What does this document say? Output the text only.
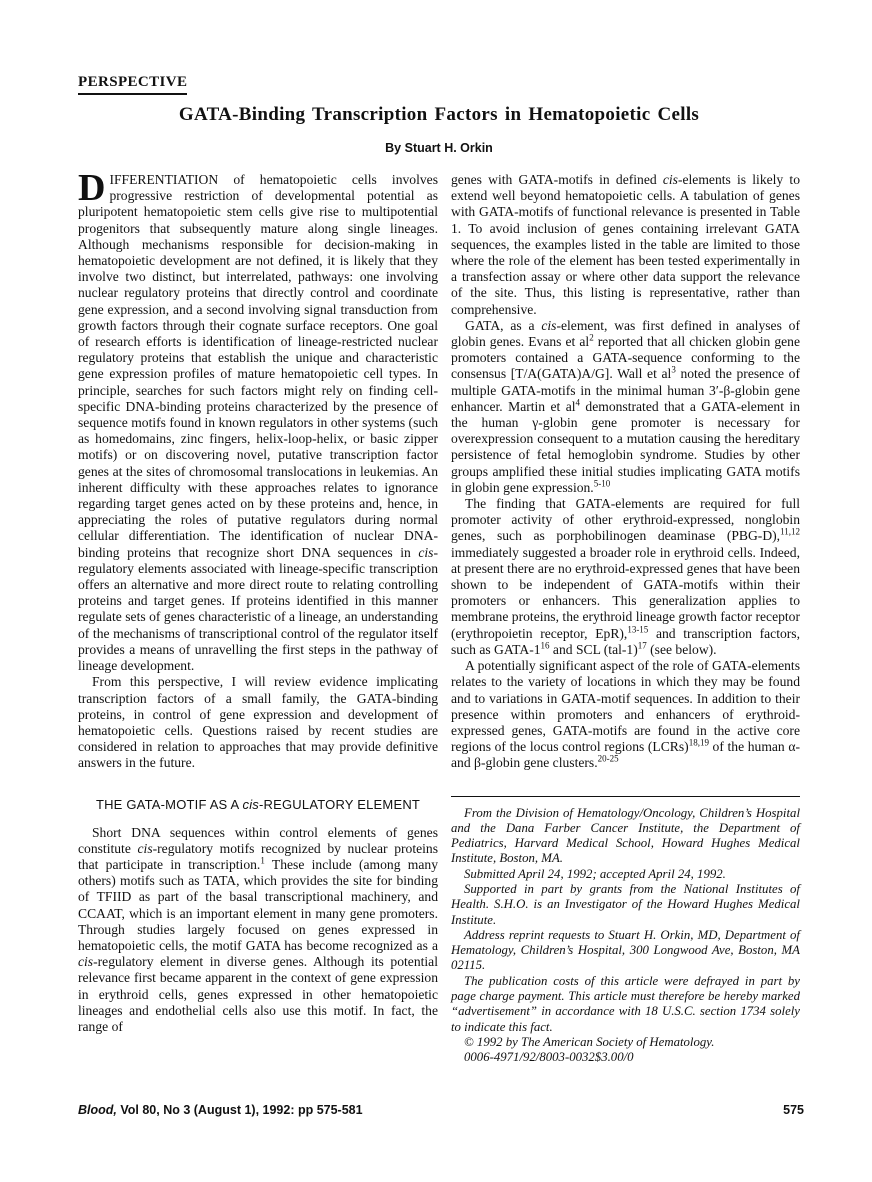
PERSPECTIVE
GATA-Binding Transcription Factors in Hematopoietic Cells
By Stuart H. Orkin

DIFFERENTIATION of hematopoietic cells involves progressive restriction of developmental potential as pluripotent hematopoietic stem cells give rise to multipotential progenitors that subsequently mature along single lineages. Although mechanisms responsible for decision-making in hematopoietic development are not defined, it is likely that they involve two distinct, but interrelated, pathways: one involving nuclear regulatory proteins that directly control and coordinate gene expression, and a second involving signal transduction from growth factors through their cognate surface receptors. One goal of research efforts is identification of lineage-restricted nuclear regulatory proteins that establish the unique and characteristic gene expression profiles of mature hematopoietic cell types. In principle, searches for such factors might rely on finding cell-specific DNA-binding proteins characterized by the presence of sequence motifs found in known regulators in other systems (such as homedomains, zinc fingers, helix-loop-helix, or basic zipper motifs) or on discovering novel, putative transcription factor genes at the sites of chromosomal translocations in leukemias. An inherent difficulty with these approaches relates to ignorance regarding target genes acted on by these proteins and, hence, in appreciating the roles of putative regulators during normal cellular differentiation. The identification of nuclear DNA-binding proteins that recognize short DNA sequences in cis-regulatory elements associated with lineage-specific transcription offers an alternative and more direct route to relating controlling proteins and target genes. If proteins identified in this manner regulate sets of genes characteristic of a lineage, an understanding of the mechanisms of transcriptional control of the regulator itself provides a means of unravelling the first steps in the pathway of lineage development.

From this perspective, I will review evidence implicating transcription factors of a small family, the GATA-binding proteins, in control of gene expression and development of hematopoietic cells. Questions raised by recent studies are considered in relation to approaches that may provide definitive answers in the future.

THE GATA-MOTIF AS A cis-REGULATORY ELEMENT

Short DNA sequences within control elements of genes constitute cis-regulatory motifs recognized by nuclear proteins that participate in transcription.$^1$ These include (among many others) motifs such as TATA, which provides the site for binding of TFIID as part of the basal transcriptional machinery, and CCAAT, which is an important element in many gene promoters. Through studies largely focused on genes expressed in hematopoietic cells, the motif GATA has become recognized as a cis-regulatory element in diverse genes. Although its potential relevance first became apparent in the context of gene expression in erythroid cells, genes expressed in other hematopoietic lineages and endothelial cells also use this motif. In fact, the range of

genes with GATA-motifs in defined cis-elements is likely to extend well beyond hematopoietic cells. A tabulation of genes with GATA-motifs of functional relevance is presented in Table 1. To avoid inclusion of genes containing irrelevant GATA sequences, the examples listed in the table are limited to those where the role of the element has been tested experimentally in a transfection assay or where other data support the relevance of the site. Thus, this listing is representative, rather than comprehensive.

GATA, as a cis-element, was first defined in analyses of globin genes. Evans et $al^2$ reported that all chicken globin gene promoters contained a GATA-sequence conforming to the consensus [T/A(GATA)A/G]. Wall et $al^3$ noted the presence of multiple GATA-motifs in the minimal human 3′-β-globin gene enhancer. Martin et $al^4$ demonstrated that a GATA-element in the human γ-globin gene promoter is necessary for overexpression consequent to a mutation causing the hereditary persistence of fetal hemoglobin syndrome. Studies by other groups amplified these initial studies implicating GATA motifs in globin gene expression.$^{5-10}$

The finding that GATA-elements are required for full promoter activity of other erythroid-expressed, nonglobin genes, such as porphobilinogen deaminase (PBG-D),$^{11,12}$ immediately suggested a broader role in erythroid cells. Indeed, at present there are no erythroid-expressed genes that have been shown to be independent of GATA-motifs within their promoters or enhancers. This generalization applies to membrane proteins, the erythroid lineage growth factor receptor (erythropoietin receptor, EpR),$^{13-15}$ and transcription factors, such as GATA-$1^{16}$ and SCL $(tal-1)^{17}$ (see below).

A potentially significant aspect of the role of GATA-elements relates to the variety of locations in which they may be found and to variations in GATA-motif sequences. In addition to their presence within promoters and enhancers of erythroid-expressed genes, GATA-motifs are found in the active core regions of the locus control regions (LCRs)$^{18,19}$ of the human α- and β-globin gene clusters.$^{20-25}$

From the Division of Hematology/Oncology, Children’s Hospital and the Dana Farber Cancer Institute, the Department of Pediatrics, Harvard Medical School, Howard Hughes Medical Institute, Boston, MA.

Submitted April 24, 1992; accepted April 24, 1992.

Supported in part by grants from the National Institutes of Health. S.H.O. is an Investigator of the Howard Hughes Medical Institute.

Address reprint requests to Stuart H. Orkin, MD, Department of Hematology, Children’s Hospital, 300 Longwood Ave, Boston, MA 02115.

The publication costs of this article were defrayed in part by page charge payment. This article must therefore be hereby marked “advertisement” in accordance with 18 U.S.C. section 1734 solely to indicate this fact.

© 1992 by The American Society of Hematology.

0006-4971/92/8003-0032$3.00/0

Blood, Vol 80, No 3 (August 1), 1992: pp 575-581	575
